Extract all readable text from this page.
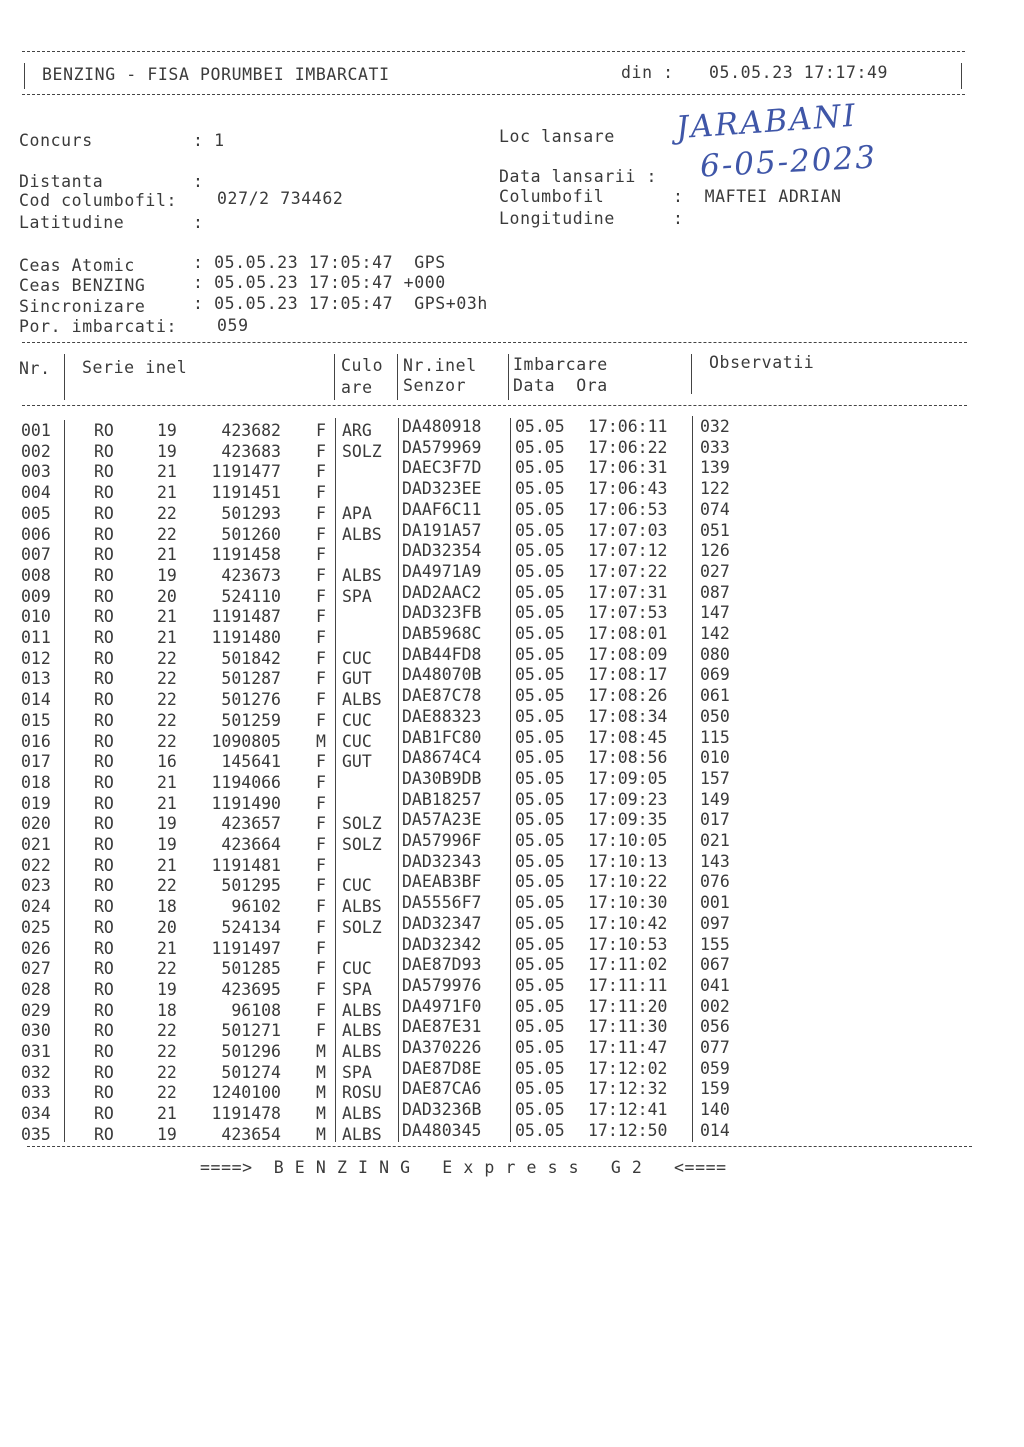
BENZING - FISA PORUMBEI IMBARCATI	din : 05.05.23 17:17:49
Concurs	: 1	Loc lansare JARABANI
Distanta	:	Data lansarii : 6-05-2023
Cod columbofil: 027/2 734462	Columbofil	:  MAFTEI ADRIAN
Latitudine	:	Longitudine	:
Ceas Atomic	: 05.05.23 17:05:47  GPS
Ceas BENZING	: 05.05.23 17:05:47 +000
Sincronizare	: 05.05.23 17:05:47  GPS+03h
Por. imbarcati: 059
Nr. Serie inel	Culo
are
Nr.inel
Senzor
Imbarcare
Data  Ora
Observatii
001	RO	19	423682 F ARG DA480918 05.05 17:06:11 032
002	RO	19	423683 F SOLZ DA579969 05.05 17:06:22 033
003	RO	21	1191477 F	DAEC3F7D 05.05 17:06:31 139
004	RO	21	1191451 F	DAD323EE 05.05 17:06:43 122
005	RO	22	501293 F APA DAAF6C11 05.05 17:06:53 074
006	RO	22	501260 F ALBS DA191A57 05.05 17:07:03 051
007	RO	21	1191458 F	DAD32354 05.05 17:07:12 126
008	RO	19	423673 F ALBS DA4971A9 05.05 17:07:22 027
009	RO	20	524110 F SPA DAD2AAC2 05.05 17:07:31 087
010	RO	21	1191487 F	DAD323FB 05.05 17:07:53 147
011	RO	21	1191480 F	DAB5968C 05.05 17:08:01 142
012	RO	22	501842 F CUC DAB44FD8 05.05 17:08:09 080
013	RO	22	501287 F GUT DA48070B 05.05 17:08:17 069
014	RO	22	501276 F ALBS DAE87C78 05.05 17:08:26 061
015	RO	22	501259 F CUC DAE88323 05.05 17:08:34 050
016	RO	22	1090805 M CUC DAB1FC80 05.05 17:08:45 115
017	RO	16	145641 F GUT DA8674C4 05.05 17:08:56 010
018	RO	21	1194066 F	DA30B9DB 05.05 17:09:05 157
019	RO	21	1191490 F	DAB18257 05.05 17:09:23 149
020	RO	19	423657 F SOLZ DA57A23E 05.05 17:09:35 017
021	RO	19	423664 F SOLZ DA57996F 05.05 17:10:05 021
022	RO	21	1191481 F	DAD32343 05.05 17:10:13 143
023	RO	22	501295 F CUC DAEAB3BF 05.05 17:10:22 076
024	RO	18	96102 F ALBS DA5556F7 05.05 17:10:30 001
025	RO	20	524134 F SOLZ DAD32347 05.05 17:10:42 097
026	RO	21	1191497 F	DAD32342 05.05 17:10:53 155
027	RO	22	501285 F CUC DAE87D93 05.05 17:11:02 067
028	RO	19	423695 F SPA DA579976 05.05 17:11:11 041
029	RO	18	96108 F ALBS DA4971F0 05.05 17:11:20 002
030	RO	22	501271 F ALBS DAE87E31 05.05 17:11:30 056
031	RO	22	501296 M ALBS DA370226 05.05 17:11:47 077
032	RO	22	501274 M SPA DAE87D8E 05.05 17:12:02 059
033	RO	22	1240100 M ROSU DAE87CA6 05.05 17:12:32 159
034	RO	21	1191478 M ALBS DAD3236B 05.05 17:12:41 140
035	RO	19	423654 M ALBS DA480345 05.05 17:12:50 014
====>  B E N Z I N G   E x p r e s s   G 2   <====
